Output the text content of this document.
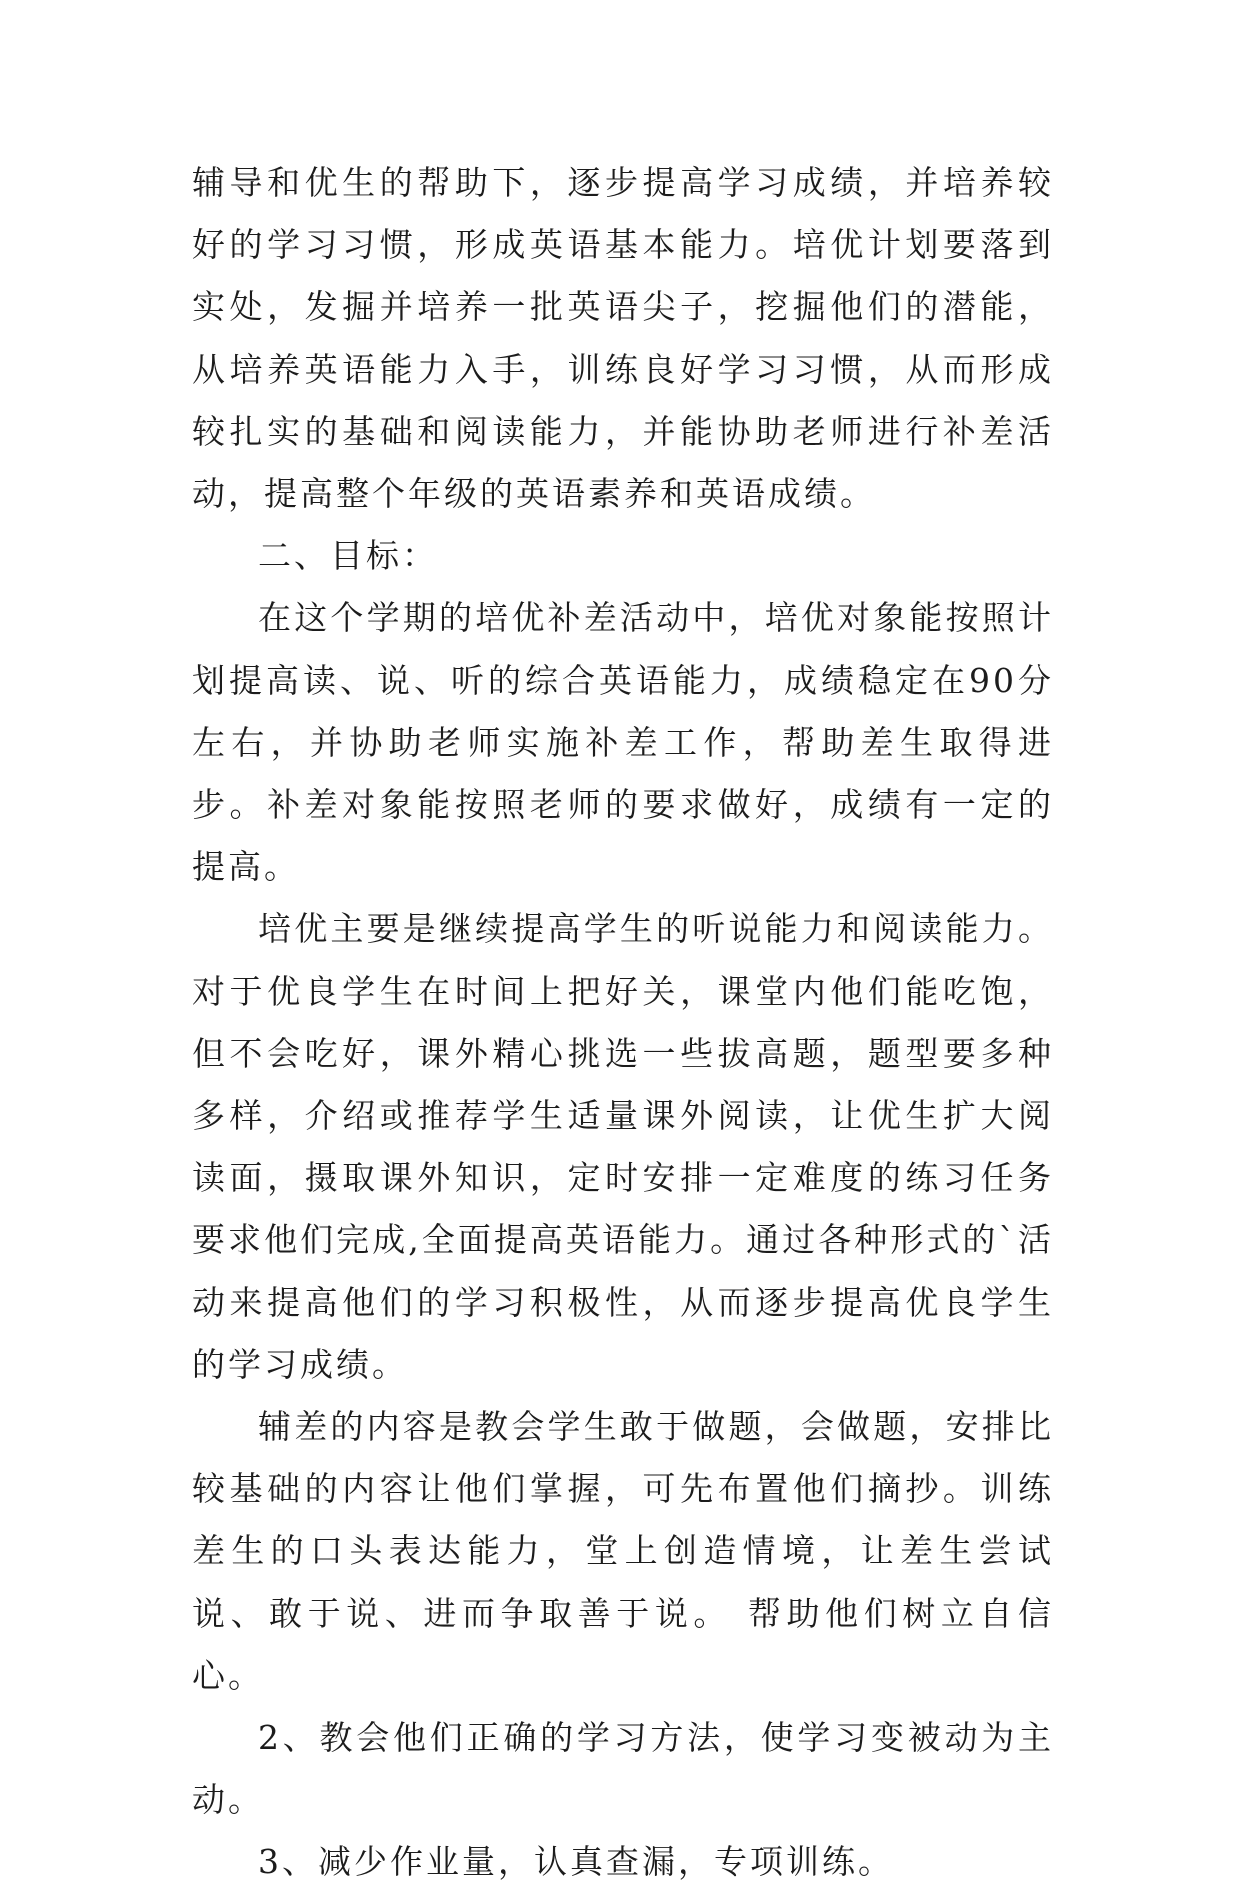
辅导和优生的帮助下，逐步提高学习成绩，并培养较好的学习习惯，形成英语基本能力。培优计划要落到实处，发掘并培养一批英语尖子，挖掘他们的潜能，从培养英语能力入手，训练良好学习习惯，从而形成较扎实的基础和阅读能力，并能协助老师进行补差活动，提高整个年级的英语素养和英语成绩。

二、目标：

在这个学期的培优补差活动中，培优对象能按照计划提高读、说、听的综合英语能力，成绩稳定在90分左右，并协助老师实施补差工作，帮助差生取得进步。补差对象能按照老师的要求做好，成绩有一定的提高。

培优主要是继续提高学生的听说能力和阅读能力。对于优良学生在时间上把好关，课堂内他们能吃饱，但不会吃好，课外精心挑选一些拔高题，题型要多种多样，介绍或推荐学生适量课外阅读，让优生扩大阅读面，摄取课外知识，定时安排一定难度的练习任务要求他们完成,全面提高英语能力。通过各种形式的`活动来提高他们的学习积极性，从而逐步提高优良学生的学习成绩。

辅差的内容是教会学生敢于做题，会做题，安排比较基础的内容让他们掌握，可先布置他们摘抄。训练差生的口头表达能力，堂上创造情境，让差生尝试说、敢于说、进而争取善于说。 帮助他们树立自信心。

2、教会他们正确的学习方法，使学习变被动为主动。

3、减少作业量，认真查漏，专项训练。
